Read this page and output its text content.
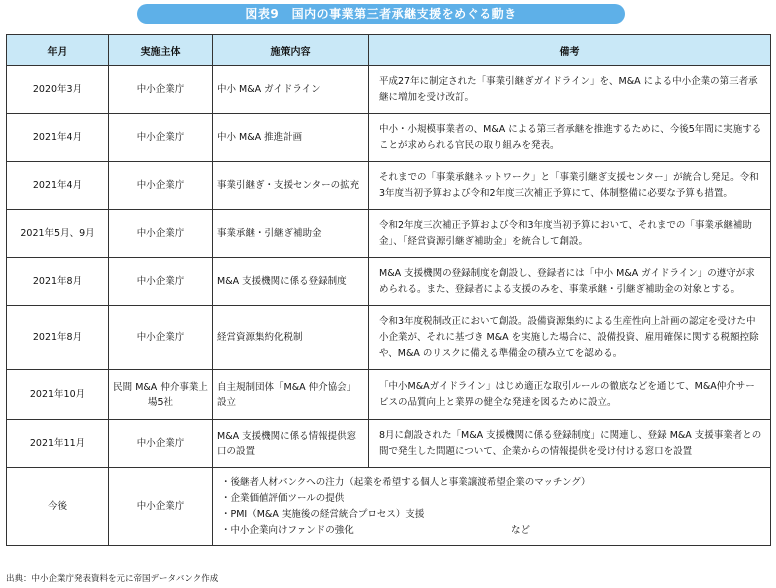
図表9　国内の事業第三者承継支援をめぐる動き
年月	実施主体	施策内容	備考
2020年3月	中小企業庁	中小 M&A ガイドライン	平成27年に制定された「事業引継ぎガイドライン」を、M&A による中小企業の第三者承継に増加を受け改訂。
2021年4月	中小企業庁	中小 M&A 推進計画	中小・小規模事業者の、M&A による第三者承継を推進するために、今後5年間に実施することが求められる官民の取り組みを発表。
2021年4月	中小企業庁	事業引継ぎ・支援センターの拡充	それまでの「事業承継ネットワーク」と「事業引継ぎ支援センター」が統合し発足。令和3年度当初予算および令和2年度三次補正予算にて、体制整備に必要な予算も措置。
2021年5月、9月	中小企業庁	事業承継・引継ぎ補助金	令和2年度三次補正予算および令和3年度当初予算において、それまでの「事業承継補助金」、「経営資源引継ぎ補助金」を統合して創設。
2021年8月	中小企業庁	M&A 支援機関に係る登録制度	M&A 支援機関の登録制度を創設し、登録者には「中小 M&A ガイドライン」の遵守が求められる。また、登録者による支援のみを、事業承継・引継ぎ補助金の対象とする。
2021年8月	中小企業庁	経営資源集約化税制	令和3年度税制改正において創設。設備資源集約による生産性向上計画の認定を受けた中小企業が、それに基づき M&A を実施した場合に、設備投資、雇用確保に関する税額控除や、M&A のリスクに備える準備金の積み立てを認める。
2021年10月	民間 M&A 仲介事業上場5社	自主規制団体「M&A 仲介協会」設立	「中小M&Aガイドライン」はじめ適正な取引ルールの徹底などを通じて、M&A仲介サービスの品質向上と業界の健全な発達を図るために設立。
2021年11月	中小企業庁	M&A 支援機関に係る情報提供窓口の設置	8月に創設された「M&A 支援機関に係る登録制度」に関連し、登録 M&A 支援事業者との間で発生した問題について、企業からの情報提供を受け付ける窓口を設置
今後	中小企業庁	・後継者人材バンクへの注力（起業を希望する個人と事業譲渡希望企業のマッチング）
・企業価値評価ツールの提供
・PMI（M&A 実施後の経営統合プロセス）支援
・中小企業向けファンドの強化 など	
出典：中小企業庁発表資料を元に帝国データバンク作成
